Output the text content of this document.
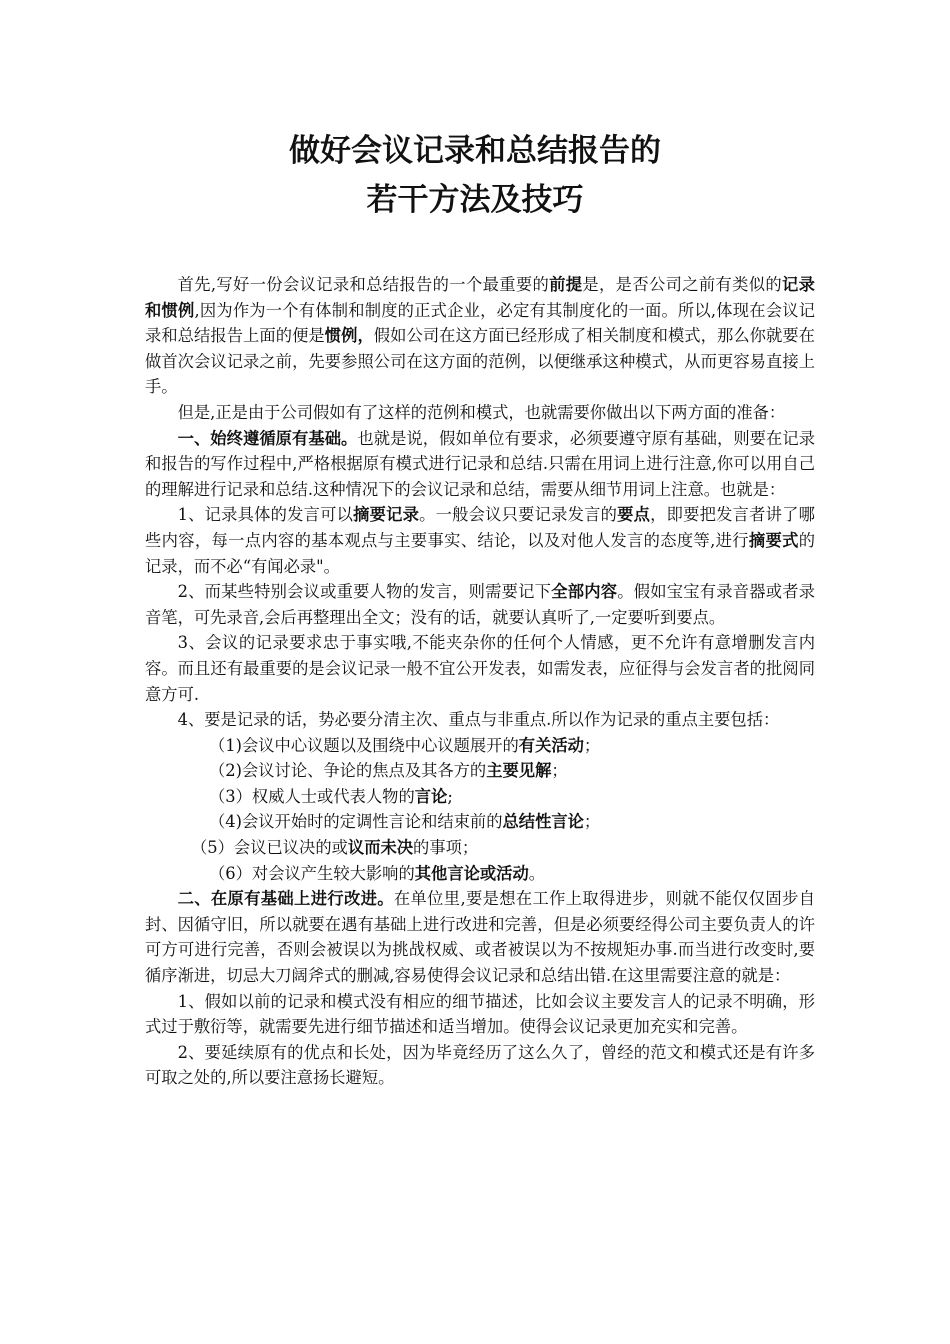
做好会议记录和总结报告的
若干方法及技巧

首先,写好一份会议记录和总结报告的一个最重要的前提是，是否公司之前有类似的记录和惯例,因为作为一个有体制和制度的正式企业，必定有其制度化的一面。所以,体现在会议记录和总结报告上面的便是惯例，假如公司在这方面已经形成了相关制度和模式，那么你就要在做首次会议记录之前，先要参照公司在这方面的范例，以便继承这种模式，从而更容易直接上手。

但是,正是由于公司假如有了这样的范例和模式，也就需要你做出以下两方面的准备：

一、始终遵循原有基础。也就是说，假如单位有要求，必须要遵守原有基础，则要在记录和报告的写作过程中,严格根据原有模式进行记录和总结.只需在用词上进行注意,你可以用自己的理解进行记录和总结.这种情况下的会议记录和总结，需要从细节用词上注意。也就是：

1、记录具体的发言可以摘要记录。一般会议只要记录发言的要点，即要把发言者讲了哪些内容，每一点内容的基本观点与主要事实、结论，以及对他人发言的态度等,进行摘要式的记录，而不必“有闻必录"。

2、而某些特别会议或重要人物的发言，则需要记下全部内容。假如宝宝有录音器或者录音笔，可先录音,会后再整理出全文；没有的话，就要认真听了,一定要听到要点。

3、会议的记录要求忠于事实哦,不能夹杂你的任何个人情感，更不允许有意增删发言内容。而且还有最重要的是会议记录一般不宜公开发表，如需发表，应征得与会发言者的批阅同意方可.

4、要是记录的话，势必要分清主次、重点与非重点.所以作为记录的重点主要包括：

（1)会议中心议题以及围绕中心议题展开的有关活动；

（2)会议讨论、争论的焦点及其各方的主要见解；

（3）权威人士或代表人物的言论;

（4)会议开始时的定调性言论和结束前的总结性言论；

（5）会议已议决的或议而未决的事项；

（6）对会议产生较大影响的其他言论或活动。

二、在原有基础上进行改进。在单位里,要是想在工作上取得进步，则就不能仅仅固步自封、因循守旧，所以就要在遇有基础上进行改进和完善，但是必须要经得公司主要负责人的许可方可进行完善，否则会被误以为挑战权威、或者被误以为不按规矩办事.而当进行改变时,要循序渐进，切忌大刀阔斧式的删减,容易使得会议记录和总结出错.在这里需要注意的就是：

1、假如以前的记录和模式没有相应的细节描述，比如会议主要发言人的记录不明确，形式过于敷衍等，就需要先进行细节描述和适当增加。使得会议记录更加充实和完善。

2、要延续原有的优点和长处，因为毕竟经历了这么久了，曾经的范文和模式还是有许多可取之处的,所以要注意扬长避短。
